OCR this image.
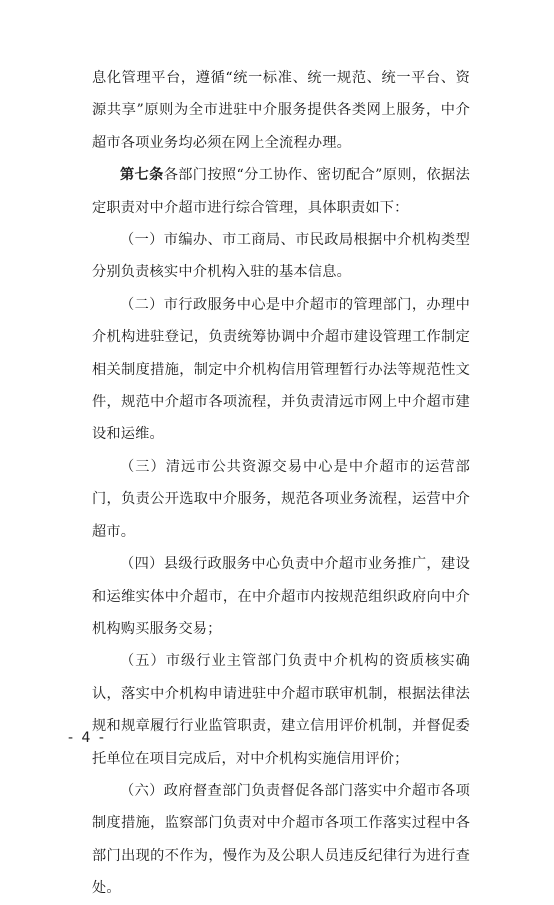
息化管理平台，遵循“统一标准、统一规范、统一平台、资源共享”原则为全市进驻中介服务提供各类网上服务，中介超市各项业务均必须在网上全流程办理。

第七条各部门按照“分工协作、密切配合”原则，依据法定职责对中介超市进行综合管理，具体职责如下：

（一）市编办、市工商局、市民政局根据中介机构类型分别负责核实中介机构入驻的基本信息。

（二）市行政服务中心是中介超市的管理部门，办理中介机构进驻登记，负责统筹协调中介超市建设管理工作制定相关制度措施，制定中介机构信用管理暂行办法等规范性文件，规范中介超市各项流程，并负责清远市网上中介超市建设和运维。

（三）清远市公共资源交易中心是中介超市的运营部门，负责公开选取中介服务，规范各项业务流程，运营中介超市。

（四）县级行政服务中心负责中介超市业务推广，建设和运维实体中介超市，在中介超市内按规范组织政府向中介机构购买服务交易；

（五）市级行业主管部门负责中介机构的资质核实确认，落实中介机构申请进驻中介超市联审机制，根据法律法规和规章履行行业监管职责，建立信用评价机制，并督促委托单位在项目完成后，对中介机构实施信用评价；

（六）政府督查部门负责督促各部门落实中介超市各项制度措施，监察部门负责对中介超市各项工作落实过程中各部门出现的不作为，慢作为及公职人员违反纪律行为进行查处。

- 4 -
